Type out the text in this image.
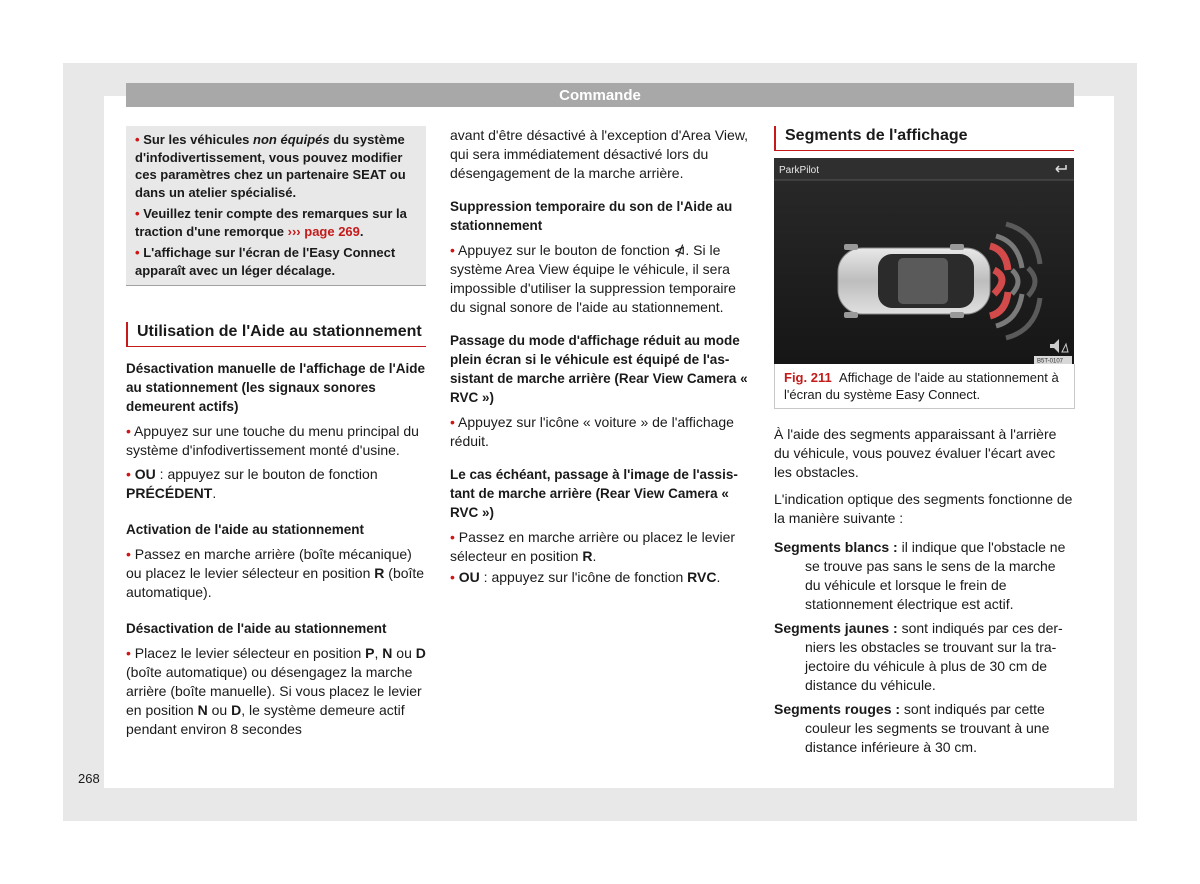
Commande

• Sur les véhicules non équipés du système d'infodivertissement, vous pouvez modifier ces paramètres chez un partenaire SEAT ou dans un atelier spécialisé.

• Veuillez tenir compte des remarques sur la traction d'une remorque ››› page 269.

• L'affichage sur l'écran de l'Easy Connect apparaît avec un léger décalage.

Utilisation de l'Aide au stationnement

Désactivation manuelle de l'affichage de l'Aide au stationnement (les signaux sonores demeurent actifs)

• Appuyez sur une touche du menu principal du système d'infodivertissement monté d'usine.

• OU : appuyez sur le bouton de fonction PRÉCÉDENT.

Activation de l'aide au stationnement

• Passez en marche arrière (boîte mécanique) ou placez le levier sélecteur en position R (boîte automatique).

Désactivation de l'aide au stationnement

• Placez le levier sélecteur en position P, N ou D (boîte automatique) ou désengagez la marche arrière (boîte manuelle). Si vous placez le levier en position N ou D, le système demeure actif pendant environ 8 secondes

avant d'être désactivé à l'exception d'Area View, qui sera immédiatement désactivé lors du désengagement de la marche arrière.

Suppression temporaire du son de l'Aide au stationnement

• Appuyez sur le bouton de fonction ⋪. Si le système Area View équipe le véhicule, il sera impossible d'utiliser la suppression temporaire du signal sonore de l'aide au stationnement.

Passage du mode d'affichage réduit au mode plein écran si le véhicule est équipé de l'assistant de marche arrière (Rear View Camera « RVC »)

• Appuyez sur l'icône « voiture » de l'affichage réduit.

Le cas échéant, passage à l'image de l'assistant de marche arrière (Rear View Camera « RVC »)

• Passez en marche arrière ou placez le levier sélecteur en position R.

• OU : appuyez sur l'icône de fonction RVC.

Segments de l'affichage
ParkPilot
B5T-0107
Fig. 211 Affichage de l'aide au stationnement à l'écran du système Easy Connect.

À l'aide des segments apparaissant à l'arrière du véhicule, vous pouvez évaluer l'écart avec les obstacles.

L'indication optique des segments fonctionne de la manière suivante :

Segments blancs : il indique que l'obstacle ne se trouve pas sans le sens de la marche du véhicule et lorsque le frein de stationnement électrique est actif.

Segments jaunes : sont indiqués par ces derniers les obstacles se trouvant sur la trajectoire du véhicule à plus de 30 cm de distance du véhicule.

Segments rouges : sont indiqués par cette couleur les segments se trouvant à une distance inférieure à 30 cm.

268
